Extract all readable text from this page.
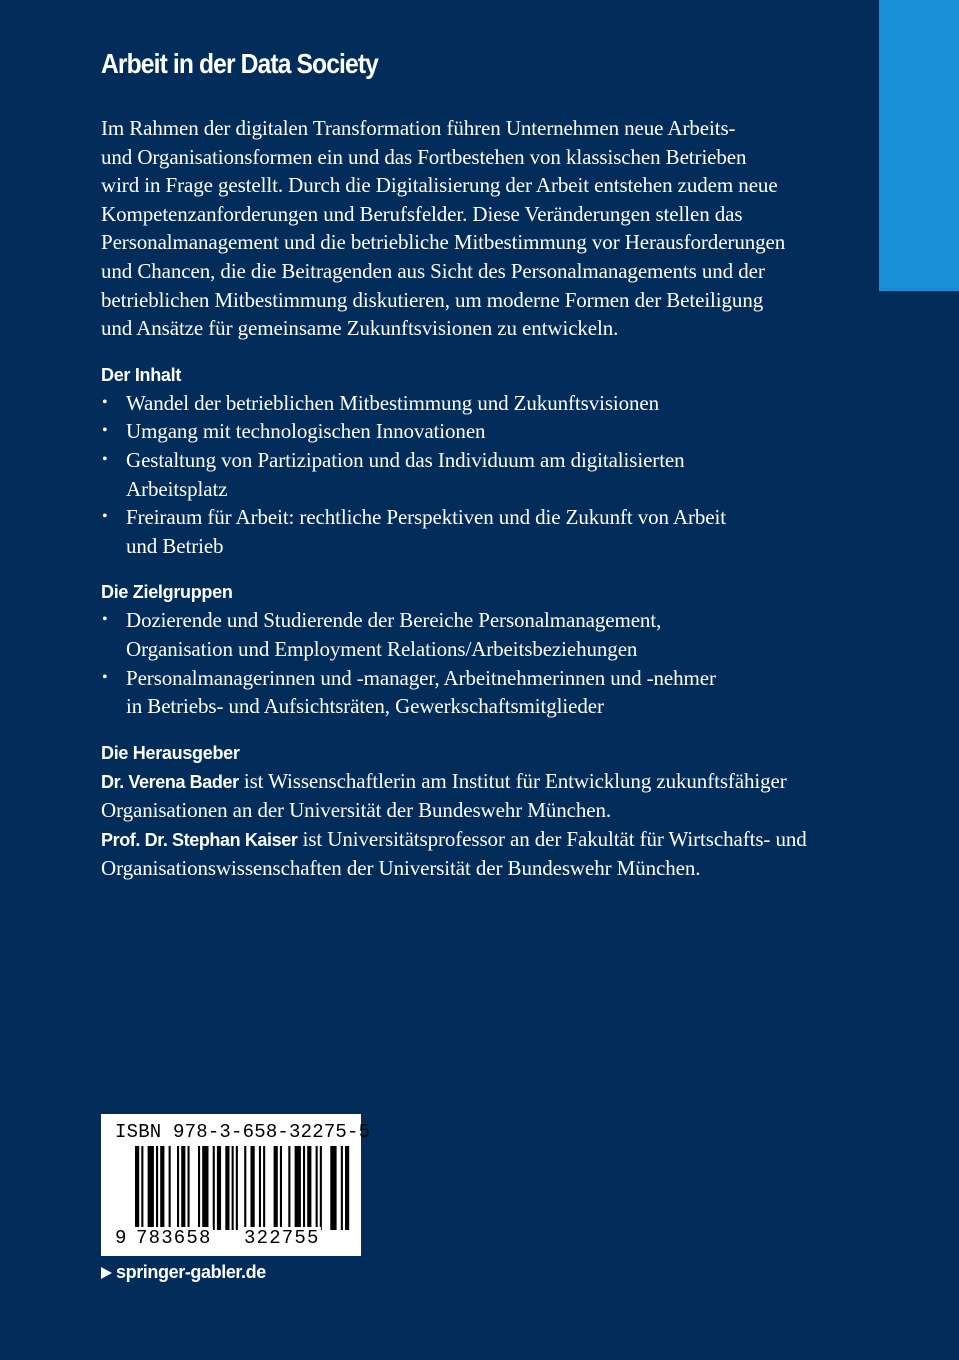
Arbeit in der Data Society

Im Rahmen der digitalen Transformation führen Unternehmen neue Arbeits-
und Organisationsformen ein und das Fortbestehen von klassischen Betrieben
wird in Frage gestellt. Durch die Digitalisierung der Arbeit entstehen zudem neue
Kompetenzanforderungen und Berufsfelder. Diese Veränderungen stellen das
Personalmanagement und die betriebliche Mitbestimmung vor Herausforderungen
und Chancen, die die Beitragenden aus Sicht des Personalmanagements und der
betrieblichen Mitbestimmung diskutieren, um moderne Formen der Beteiligung
und Ansätze für gemeinsame Zukunftsvisionen zu entwickeln.

Der Inhalt
• Wandel der betrieblichen Mitbestimmung und Zukunftsvisionen
• Umgang mit technologischen Innovationen
• Gestaltung von Partizipation und das Individuum am digitalisierten
Arbeitsplatz
• Freiraum für Arbeit: rechtliche Perspektiven und die Zukunft von Arbeit
und Betrieb
Die Zielgruppen
• Dozierende und Studierende der Bereiche Personalmanagement,
Organisation und Employment Relations/Arbeitsbeziehungen
• Personalmanagerinnen und -manager, Arbeitnehmerinnen und -nehmer
in Betriebs- und Aufsichtsräten, Gewerkschaftsmitglieder
Die Herausgeber

Dr. Verena Bader ist Wissenschaftlerin am Institut für Entwicklung zukunftsfähiger
Organisationen an der Universität der Bundeswehr München.

Prof. Dr. Stephan Kaiser ist Universitätsprofessor an der Fakultät für Wirtschafts- und
Organisationswissenschaften der Universität der Bundeswehr München.

ISBN 978-3-658-32275-5
9 783658 322755
springer-gabler.de
